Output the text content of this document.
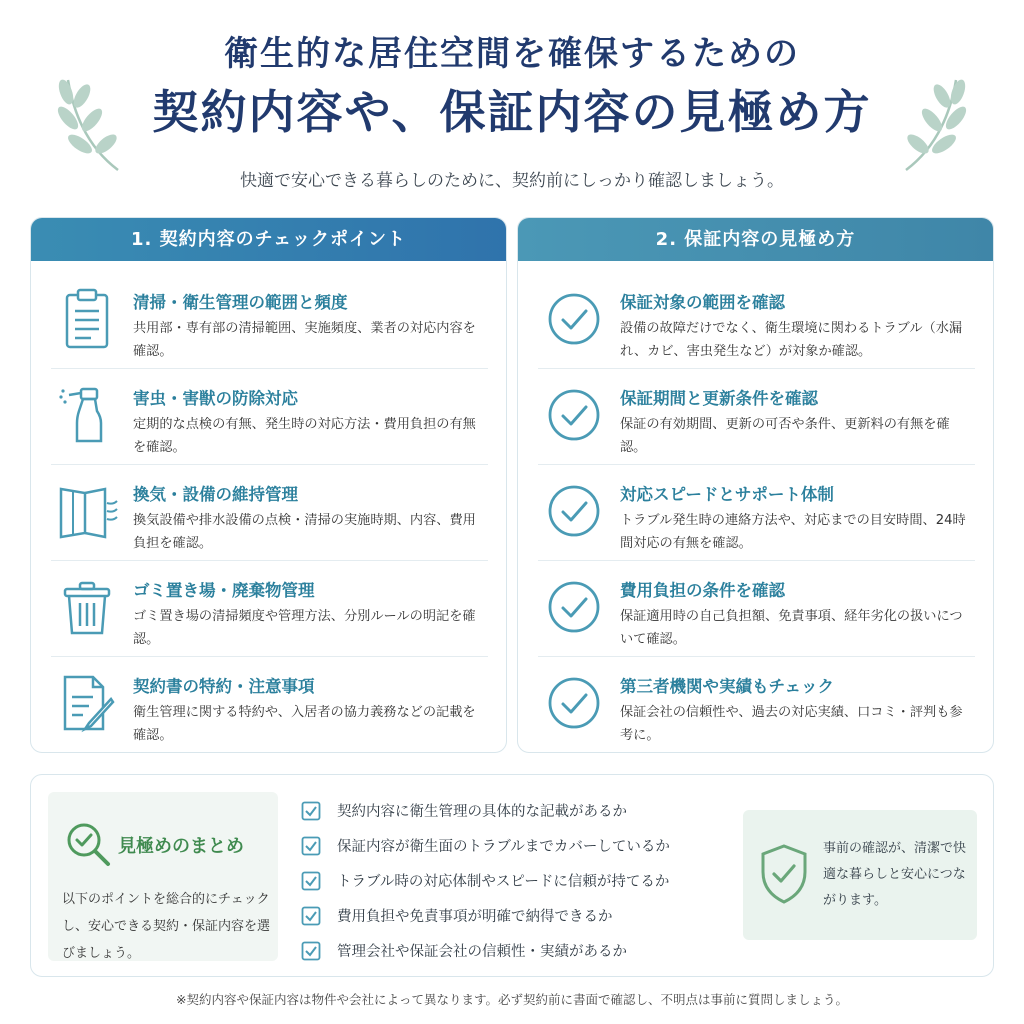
衛生的な居住空間を確保するための
契約内容や、保証内容の見極め方
快適で安心できる暮らしのために、契約前にしっかり確認しましょう。
1. 契約内容のチェックポイント
清掃・衛生管理の範囲と頻度
共用部・専有部の清掃範囲、実施頻度、業者の対応内容を確認。
害虫・害獣の防除対応
定期的な点検の有無、発生時の対応方法・費用負担の有無を確認。
換気・設備の維持管理
換気設備や排水設備の点検・清掃の実施時期、内容、費用負担を確認。
ゴミ置き場・廃棄物管理
ゴミ置き場の清掃頻度や管理方法、分別ルールの明記を確認。
契約書の特約・注意事項
衛生管理に関する特約や、入居者の協力義務などの記載を確認。
2. 保証内容の見極め方
保証対象の範囲を確認
設備の故障だけでなく、衛生環境に関わるトラブル（水漏れ、カビ、害虫発生など）が対象か確認。
保証期間と更新条件を確認
保証の有効期間、更新の可否や条件、更新料の有無を確認。
対応スピードとサポート体制
トラブル発生時の連絡方法や、対応までの目安時間、24時間対応の有無を確認。
費用負担の条件を確認
保証適用時の自己負担額、免責事項、経年劣化の扱いについて確認。
第三者機関や実績もチェック
保証会社の信頼性や、過去の対応実績、口コミ・評判も参考に。
見極めのまとめ
以下のポイントを総合的にチェックし、安心できる契約・保証内容を選びましょう。
契約内容に衛生管理の具体的な記載があるか
保証内容が衛生面のトラブルまでカバーしているか
トラブル時の対応体制やスピードに信頼が持てるか
費用負担や免責事項が明確で納得できるか
管理会社や保証会社の信頼性・実績があるか
事前の確認が、清潔で快適な暮らしと安心につながります。
※契約内容や保証内容は物件や会社によって異なります。必ず契約前に書面で確認し、不明点は事前に質問しましょう。
